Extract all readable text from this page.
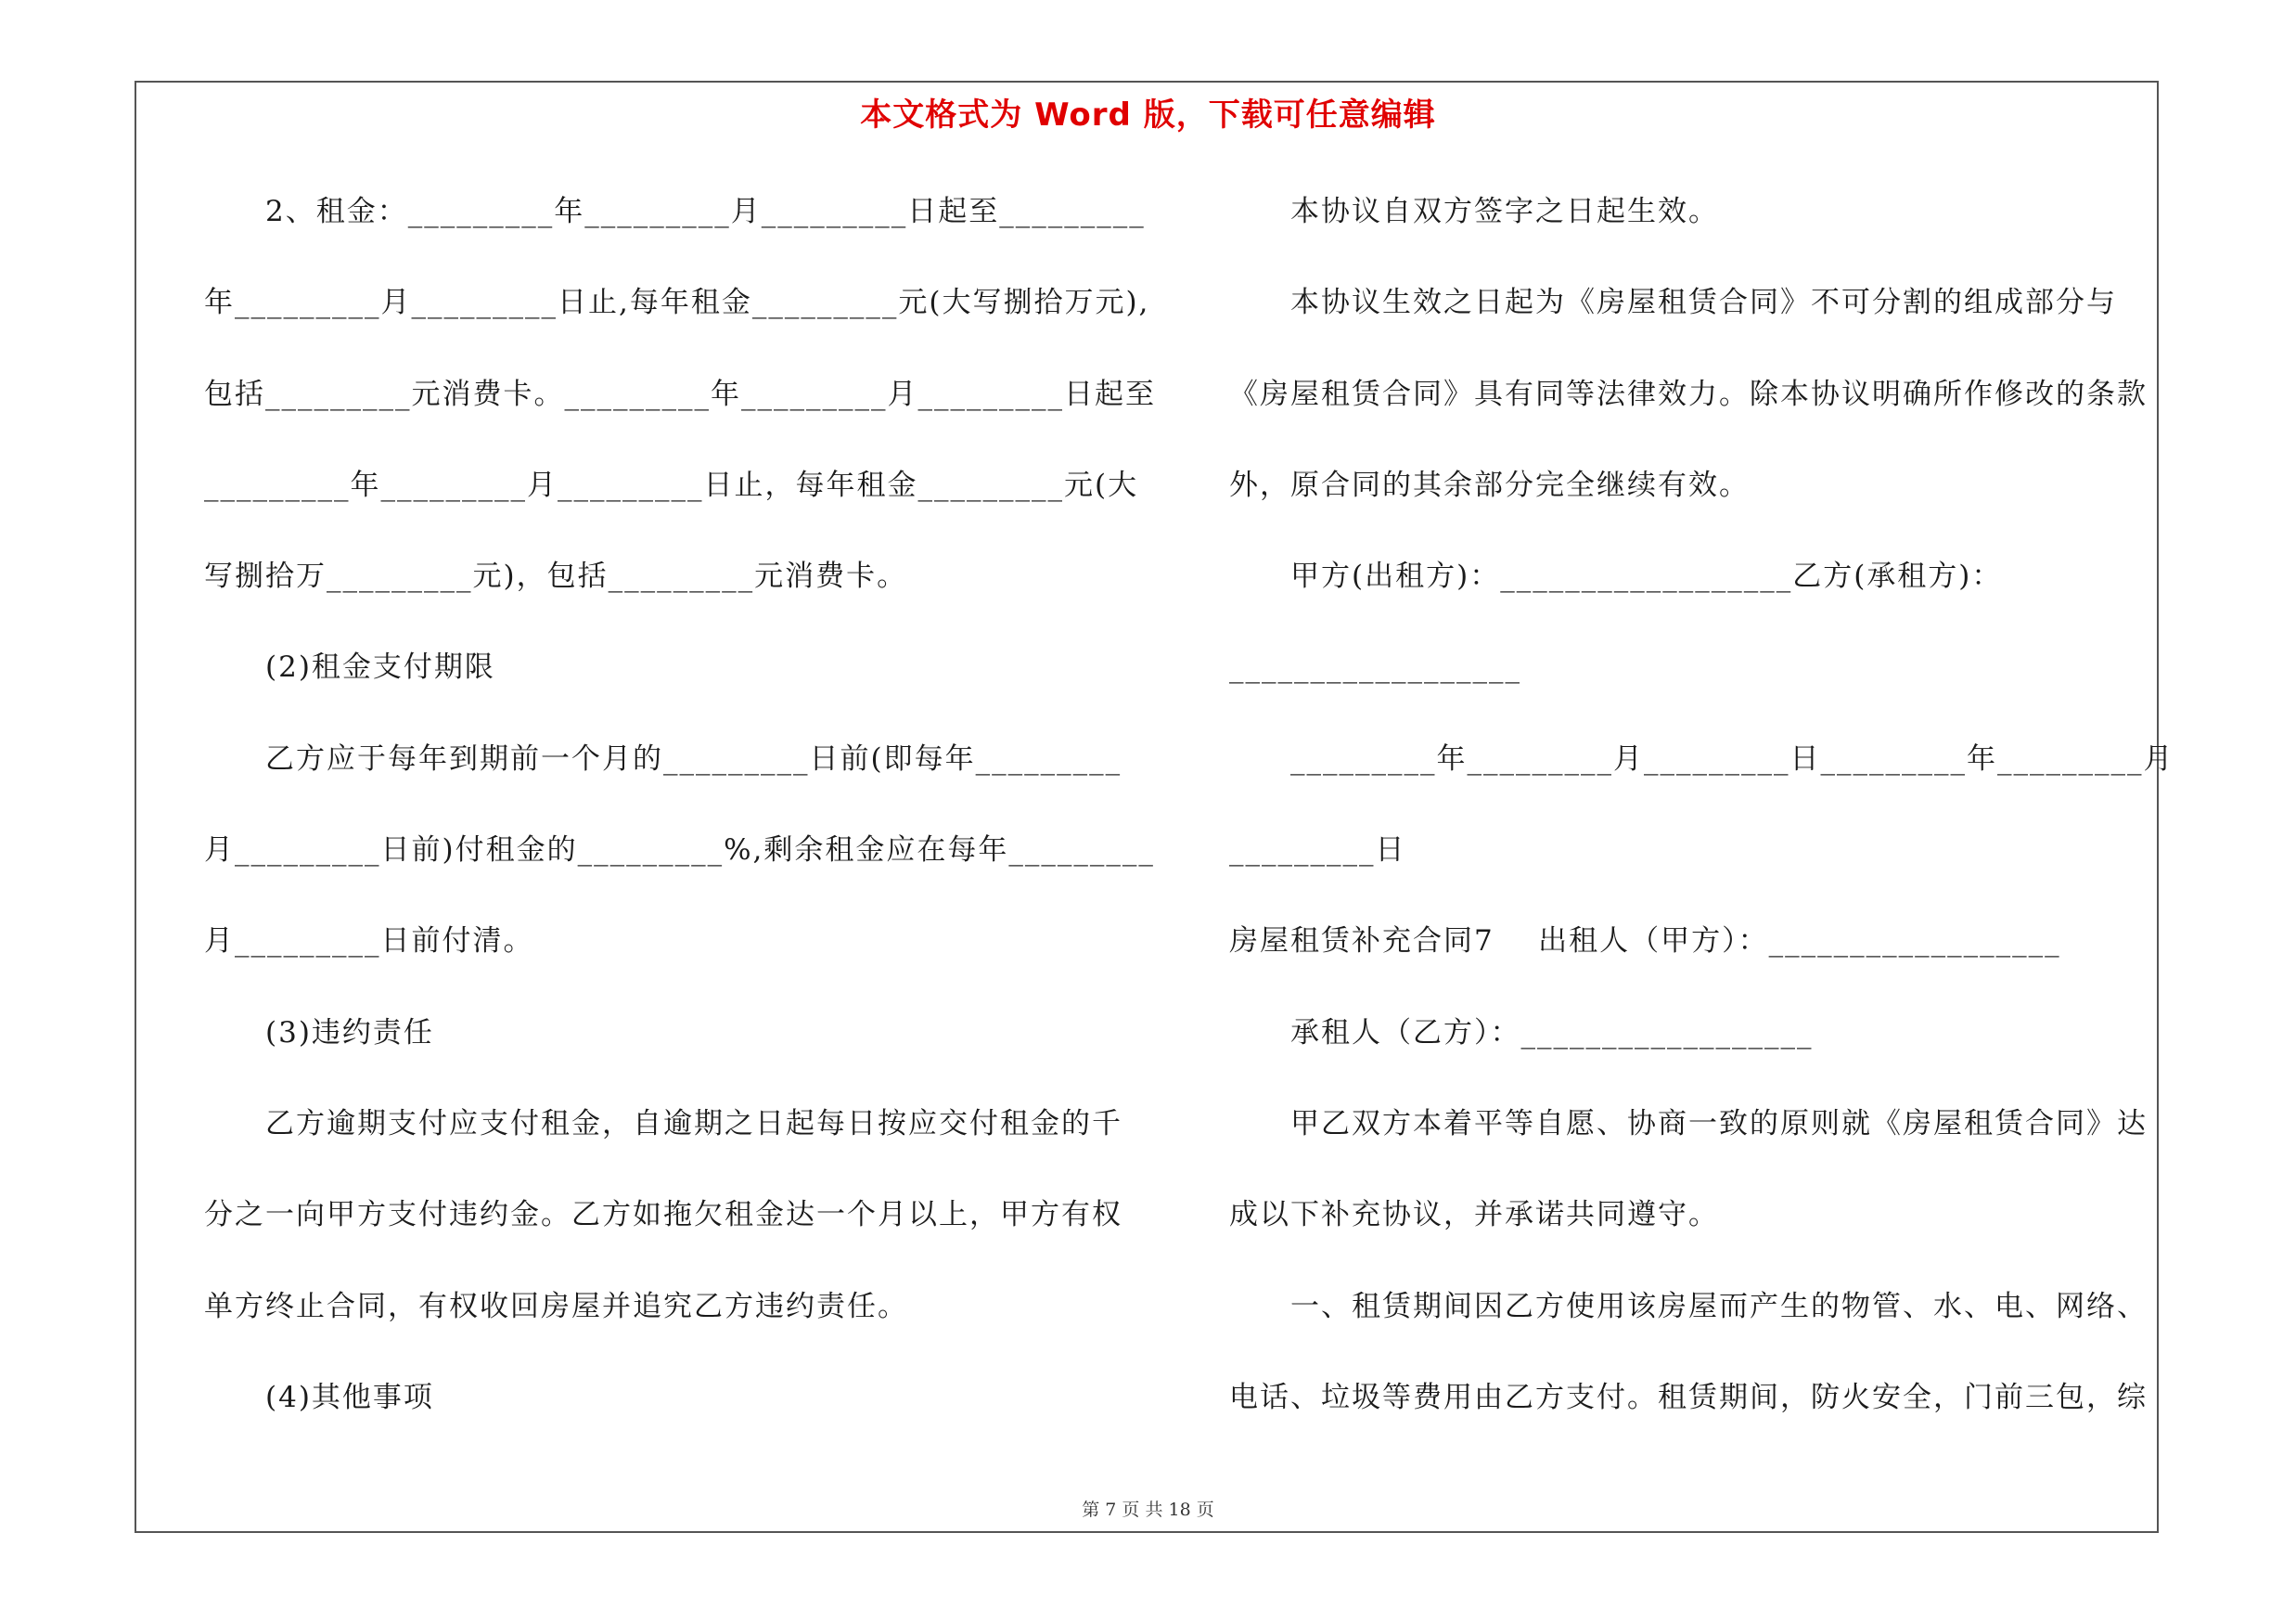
本文格式为 Word 版，下载可任意编辑
2、租金：_________年_________月_________日起至_________
年_________月_________日止,每年租金_________元(大写捌拾万元),
包括_________元消费卡。_________年_________月_________日起至
_________年_________月_________日止，每年租金_________元(大
写捌拾万_________元)，包括_________元消费卡。
(2)租金支付期限
乙方应于每年到期前一个月的_________日前(即每年_________
月_________日前)付租金的_________%,剩余租金应在每年_________
月_________日前付清。
(3)违约责任
乙方逾期支付应支付租金，自逾期之日起每日按应交付租金的千
分之一向甲方支付违约金。乙方如拖欠租金达一个月以上，甲方有权
单方终止合同，有权收回房屋并追究乙方违约责任。
(4)其他事项
本协议自双方签字之日起生效。
本协议生效之日起为《房屋租赁合同》不可分割的组成部分与
《房屋租赁合同》具有同等法律效力。除本协议明确所作修改的条款
外，原合同的其余部分完全继续有效。
甲方(出租方)：__________________乙方(承租方)：
__________________
_________年_________月_________日_________年_________月
_________日
房屋租赁补充合同7    出租人（甲方）：__________________
承租人（乙方）：__________________
甲乙双方本着平等自愿、协商一致的原则就《房屋租赁合同》达
成以下补充协议，并承诺共同遵守。
一、租赁期间因乙方使用该房屋而产生的物管、水、电、网络、
电话、垃圾等费用由乙方支付。租赁期间，防火安全，门前三包，综
第 7 页 共 18 页
